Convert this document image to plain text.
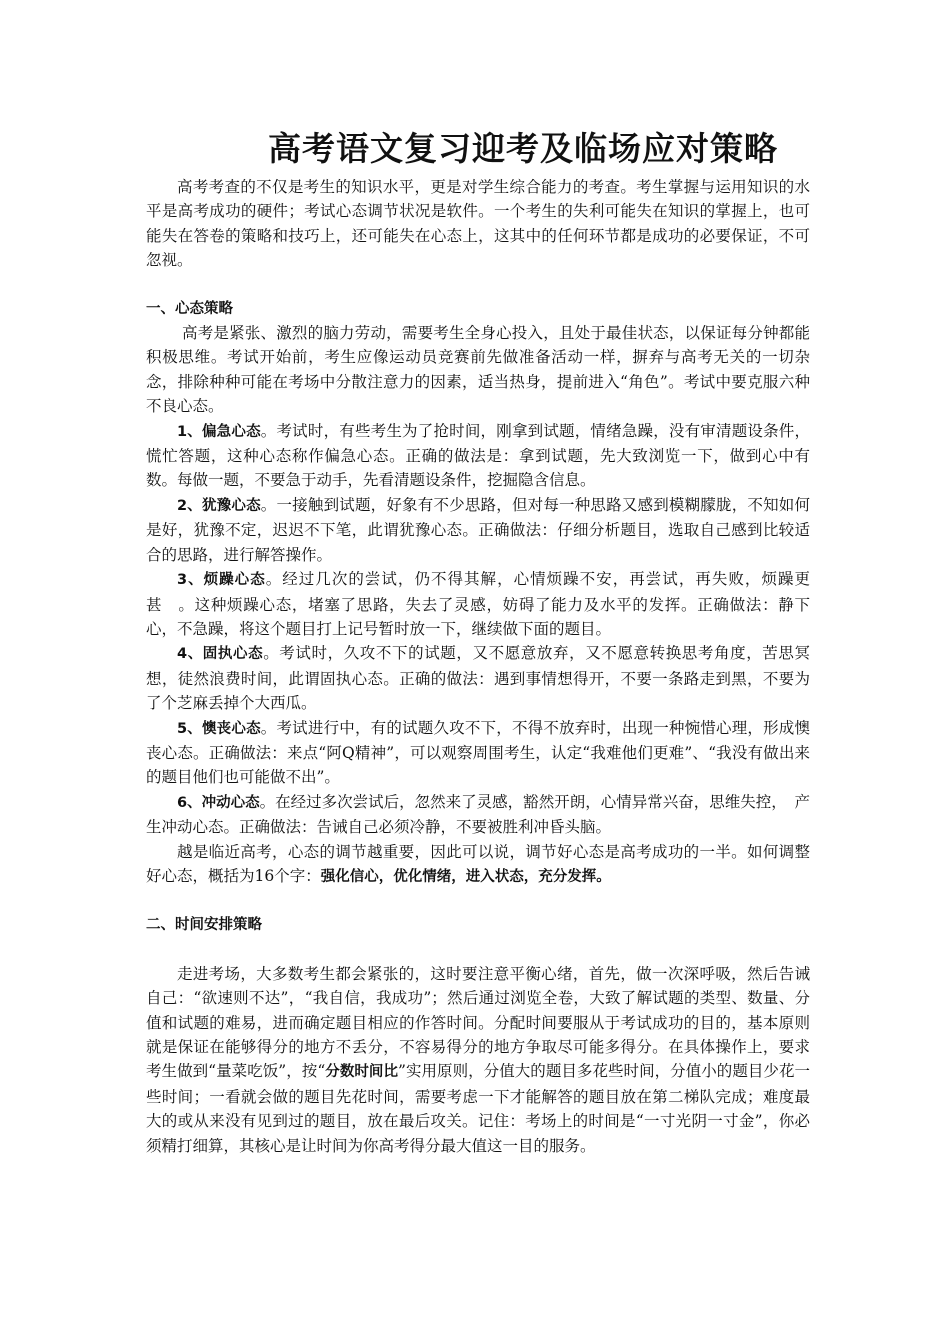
高考语文复习迎考及临场应对策略

高考考查的不仅是考生的知识水平，更是对学生综合能力的考查。考生掌握与运用知识的水平是高考成功的硬件；考试心态调节状况是软件。一个考生的失利可能失在知识的掌握上，也可能失在答卷的策略和技巧上，还可能失在心态上，这其中的任何环节都是成功的必要保证，不可忽视。

一、心态策略

高考是紧张、激烈的脑力劳动，需要考生全身心投入，且处于最佳状态，以保证每分钟都能积极思维。考试开始前，考生应像运动员竞赛前先做准备活动一样，摒弃与高考无关的一切杂念，排除种种可能在考场中分散注意力的因素，适当热身，提前进入“角色”。考试中要克服六种不良心态。

1、偏急心态。考试时，有些考生为了抢时间，刚拿到试题，情绪急躁，没有审清题设条件，慌忙答题，这种心态称作偏急心态。正确的做法是：拿到试题，先大致浏览一下，做到心中有数。每做一题，不要急于动手，先看清题设条件，挖掘隐含信息。

2、犹豫心态。一接触到试题，好象有不少思路，但对每一种思路又感到模糊朦胧，不知如何是好，犹豫不定，迟迟不下笔，此谓犹豫心态。正确做法：仔细分析题目，选取自己感到比较适合的思路，进行解答操作。

3、烦躁心态。经过几次的尝试，仍不得其解，心情烦躁不安，再尝试，再失败，烦躁更甚　。这种烦躁心态，堵塞了思路，失去了灵感，妨碍了能力及水平的发挥。正确做法：静下心，不急躁，将这个题目打上记号暂时放一下，继续做下面的题目。

4、固执心态。考试时，久攻不下的试题，又不愿意放弃，又不愿意转换思考角度，苦思冥想，徒然浪费时间，此谓固执心态。正确的做法：遇到事情想得开，不要一条路走到黑，不要为了个芝麻丢掉个大西瓜。

5、懊丧心态。考试进行中，有的试题久攻不下，不得不放弃时，出现一种惋惜心理，形成懊丧心态。正确做法：来点“阿Q精神”，可以观察周围考生，认定“我难他们更难”、“我没有做出来的题目他们也可能做不出”。

6、冲动心态。在经过多次尝试后，忽然来了灵感，豁然开朗，心情异常兴奋，思维失控，　产生冲动心态。正确做法：告诫自己必须冷静，不要被胜利冲昏头脑。

越是临近高考，心态的调节越重要，因此可以说，调节好心态是高考成功的一半。如何调整　好心态，概括为16个字：强化信心，优化情绪，进入状态，充分发挥。

二、时间安排策略

走进考场，大多数考生都会紧张的，这时要注意平衡心绪，首先，做一次深呼吸，然后告诫自己：“欲速则不达”，“我自信，我成功”；然后通过浏览全卷，大致了解试题的类型、数量、分值和试题的难易，进而确定题目相应的作答时间。分配时间要服从于考试成功的目的，基本原则就是保证在能够得分的地方不丢分，不容易得分的地方争取尽可能多得分。在具体操作上，要求考生做到“量菜吃饭”，按“分数时间比”实用原则，分值大的题目多花些时间，分值小的题目少花一些时间；一看就会做的题目先花时间，需要考虑一下才能解答的题目放在第二梯队完成；难度最大的或从来没有见到过的题目，放在最后攻关。记住：考场上的时间是“一寸光阴一寸金”，你必须精打细算，其核心是让时间为你高考得分最大值这一目的服务。
